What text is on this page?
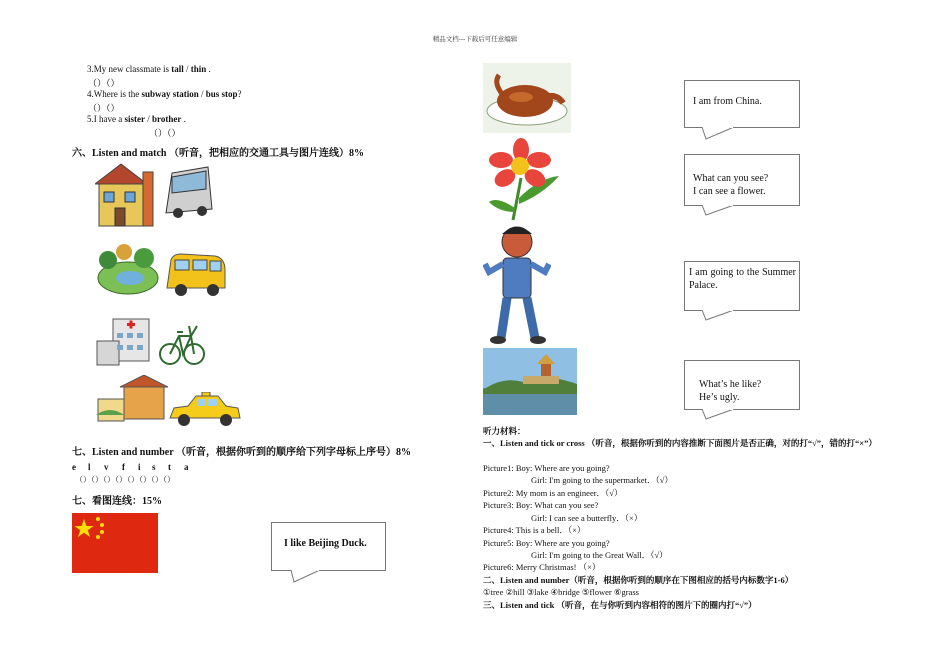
精品文档---下载后可任意编辑
3.My new classmate is tall / thin .
（）（）
4.Where is the subway station / bus stop?
（）（）
5.I have a sister / brother .
（）（）
六、Listen and match （听音，把相应的交通工具与图片连线）8%
七、Listen and number （听音，根据你听到的顺序给下列字母标上序号）8%
e l v f i s t a
（）（）（）（）（）（）（）（）
七、看图连线：15%
I like Beijing Duck.
I am from China.

What can you see?
I can see a flower.

I am going to the Summer Palace.

What’s he like?
He’s ugly.

听力材料：
一、Listen and tick or cross （听音，根据你听到的内容推断下面图片是否正确，对的打“√”，错的打“×”）
Picture1: Boy: Where are you going?
Girl: I'm going to the supermarket．（√）
Picture2: My mom is an engineer．（√）
Picture3: Boy: What can you see?
Girl: I can see a butterfly．（×）
Picture4: This is a bell．（×）
Picture5: Boy: Where are you going?
Girl: I'm going to the Great Wall．（√）
Picture6: Merry Christmas! （×）
二、Listen and number（听音，根据你听到的顺序在下图相应的括号内标数字1-6）
①tree ②hill ③lake ④bridge ⑤flower ⑥grass
三、Listen and tick （听音，在与你听到内容相符的图片下的圈内打“√”）
